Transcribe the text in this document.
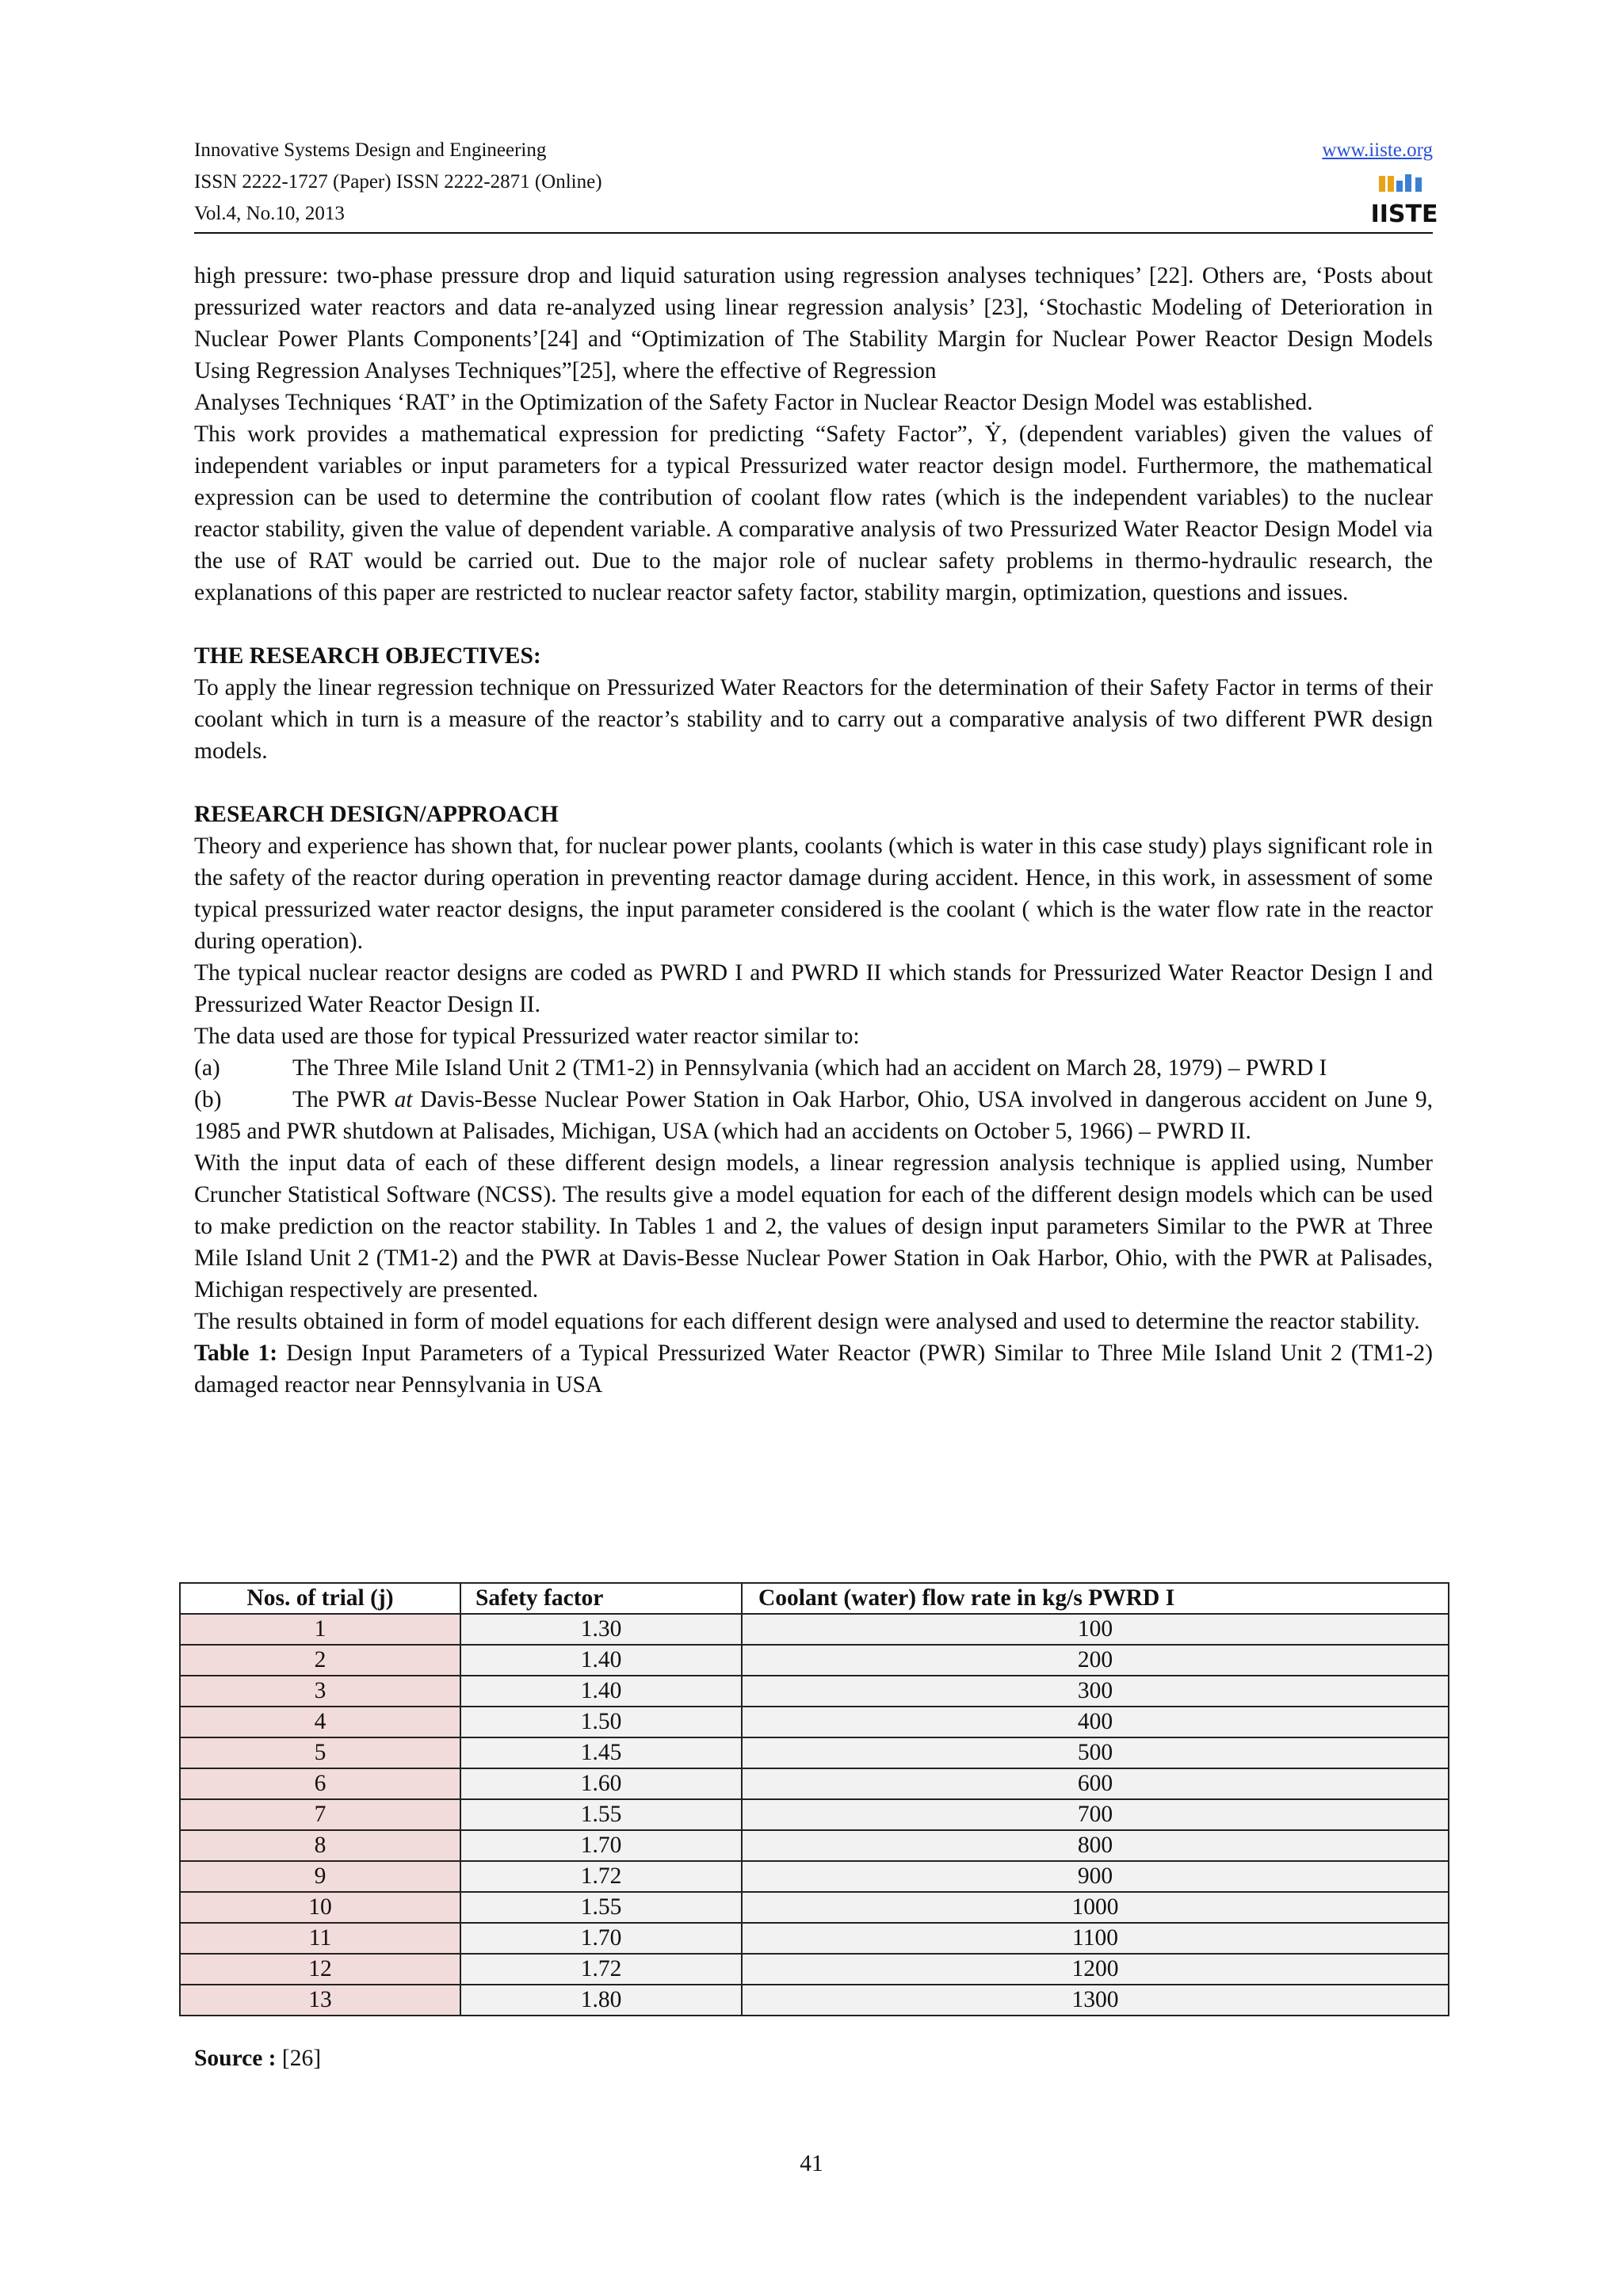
Innovative Systems Design and Engineering	www.iiste.org
ISSN 2222-1727 (Paper) ISSN 2222-2871 (Online)
Vol.4, No.10, 2013	IISTE

high pressure: two-phase pressure drop and liquid saturation using regression analyses techniques’ [22]. Others are, ‘Posts about pressurized water reactors and data re-analyzed using linear regression analysis’ [23], ‘Stochastic Modeling of Deterioration in Nuclear Power Plants Components’[24] and “Optimization of The Stability Margin for Nuclear Power Reactor Design Models Using Regression Analyses Techniques”[25], where the effective of Regression

Analyses Techniques ‘RAT’ in the Optimization of the Safety Factor in Nuclear Reactor Design Model was established.

This work provides a mathematical expression for predicting “Safety Factor”, Ẏ, (dependent variables) given the values of independent variables or input parameters for a typical Pressurized water reactor design model. Furthermore, the mathematical expression can be used to determine the contribution of coolant flow rates (which is the independent variables) to the nuclear reactor stability, given the value of dependent variable. A comparative analysis of two Pressurized Water Reactor Design Model via the use of RAT would be carried out. Due to the major role of nuclear safety problems in thermo-hydraulic research, the explanations of this paper are restricted to nuclear reactor safety factor, stability margin, optimization, questions and issues.

THE RESEARCH OBJECTIVES:

To apply the linear regression technique on Pressurized Water Reactors for the determination of their Safety Factor in terms of their coolant which in turn is a measure of the reactor’s stability and to carry out a comparative analysis of two different PWR design models.

RESEARCH DESIGN/APPROACH

Theory and experience has shown that, for nuclear power plants, coolants (which is water in this case study) plays significant role in the safety of the reactor during operation in preventing reactor damage during accident. Hence, in this work, in assessment of some typical pressurized water reactor designs, the input parameter considered is the coolant ( which is the water flow rate in the reactor during operation).

The typical nuclear reactor designs are coded as PWRD I and PWRD II which stands for Pressurized Water Reactor Design I and Pressurized Water Reactor Design II.

The data used are those for typical Pressurized water reactor similar to:

(a)	The Three Mile Island Unit 2 (TM1-2) in Pennsylvania (which had an accident on March 28, 1979) – PWRD I

(b)	The PWR at Davis-Besse Nuclear Power Station in Oak Harbor, Ohio, USA involved in dangerous accident on June 9, 1985 and PWR shutdown at Palisades, Michigan, USA (which had an accidents on October 5, 1966) – PWRD II.

With the input data of each of these different design models, a linear regression analysis technique is applied using, Number Cruncher Statistical Software (NCSS). The results give a model equation for each of the different design models which can be used to make prediction on the reactor stability. In Tables 1 and 2, the values of design input parameters Similar to the PWR at Three Mile Island Unit 2 (TM1-2) and the PWR at Davis-Besse Nuclear Power Station in Oak Harbor, Ohio, with the PWR at Palisades, Michigan respectively are presented.

The results obtained in form of model equations for each different design were analysed and used to determine the reactor stability.

Table 1: Design Input Parameters of a Typical Pressurized Water Reactor (PWR) Similar to Three Mile Island Unit 2 (TM1-2) damaged reactor near Pennsylvania in USA

Nos. of trial (j)	Safety factor	Coolant (water) flow rate in kg/s PWRD I
1	1.30	100
2	1.40	200
3	1.40	300
4	1.50	400
5	1.45	500
6	1.60	600
7	1.55	700
8	1.70	800
9	1.72	900
10	1.55	1000
11	1.70	1100
12	1.72	1200
13	1.80	1300
Source : [26]
41
